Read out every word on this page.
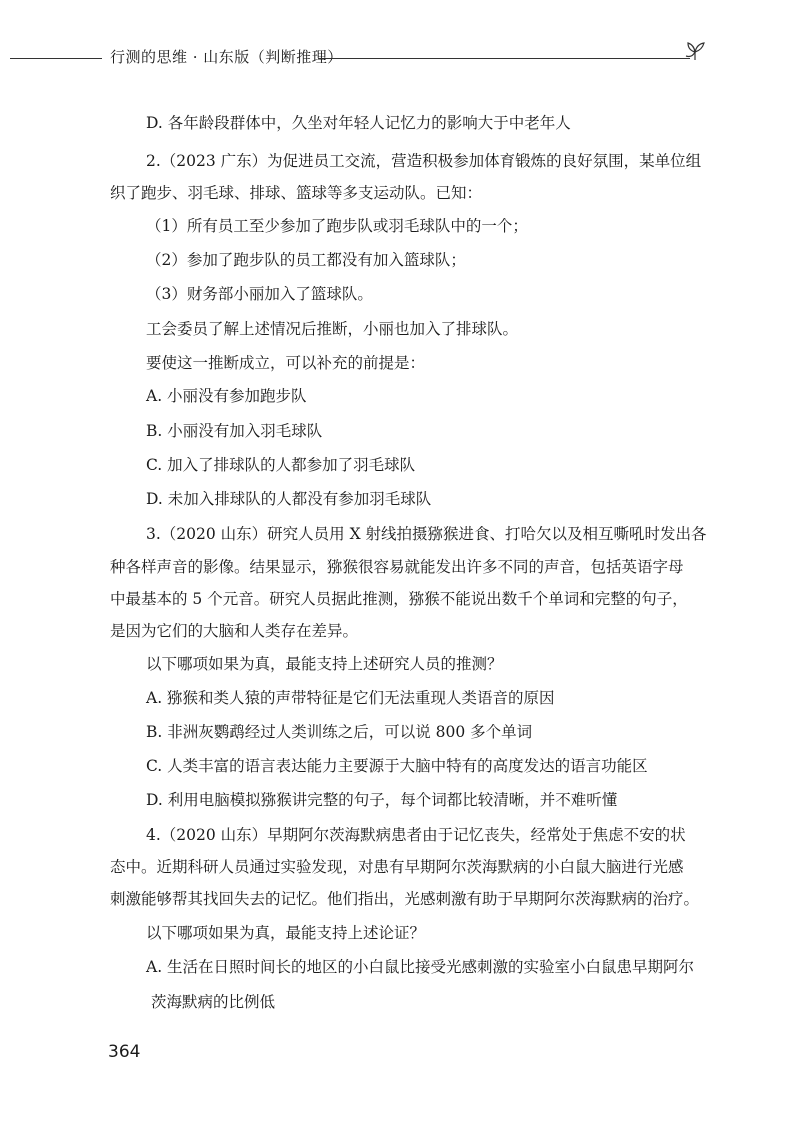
行测的思维 · 山东版（判断推理）
D. 各年龄段群体中，久坐对年轻人记忆力的影响大于中老年人
2.（2023 广东）为促进员工交流，营造积极参加体育锻炼的良好氛围，某单位组
织了跑步、羽毛球、排球、篮球等多支运动队。已知：
（1）所有员工至少参加了跑步队或羽毛球队中的一个；
（2）参加了跑步队的员工都没有加入篮球队；
（3）财务部小丽加入了篮球队。
工会委员了解上述情况后推断，小丽也加入了排球队。
要使这一推断成立，可以补充的前提是：
A. 小丽没有参加跑步队
B. 小丽没有加入羽毛球队
C. 加入了排球队的人都参加了羽毛球队
D. 未加入排球队的人都没有参加羽毛球队
3.（2020 山东）研究人员用 X 射线拍摄猕猴进食、打哈欠以及相互嘶吼时发出各
种各样声音的影像。结果显示，猕猴很容易就能发出许多不同的声音，包括英语字母
中最基本的 5 个元音。研究人员据此推测，猕猴不能说出数千个单词和完整的句子，
是因为它们的大脑和人类存在差异。
以下哪项如果为真，最能支持上述研究人员的推测？
A. 猕猴和类人猿的声带特征是它们无法重现人类语音的原因
B. 非洲灰鹦鹉经过人类训练之后，可以说 800 多个单词
C. 人类丰富的语言表达能力主要源于大脑中特有的高度发达的语言功能区
D. 利用电脑模拟猕猴讲完整的句子，每个词都比较清晰，并不难听懂
4.（2020 山东）早期阿尔茨海默病患者由于记忆丧失，经常处于焦虑不安的状
态中。近期科研人员通过实验发现，对患有早期阿尔茨海默病的小白鼠大脑进行光感
刺激能够帮其找回失去的记忆。他们指出，光感刺激有助于早期阿尔茨海默病的治疗。
以下哪项如果为真，最能支持上述论证？
A. 生活在日照时间长的地区的小白鼠比接受光感刺激的实验室小白鼠患早期阿尔
茨海默病的比例低
364
